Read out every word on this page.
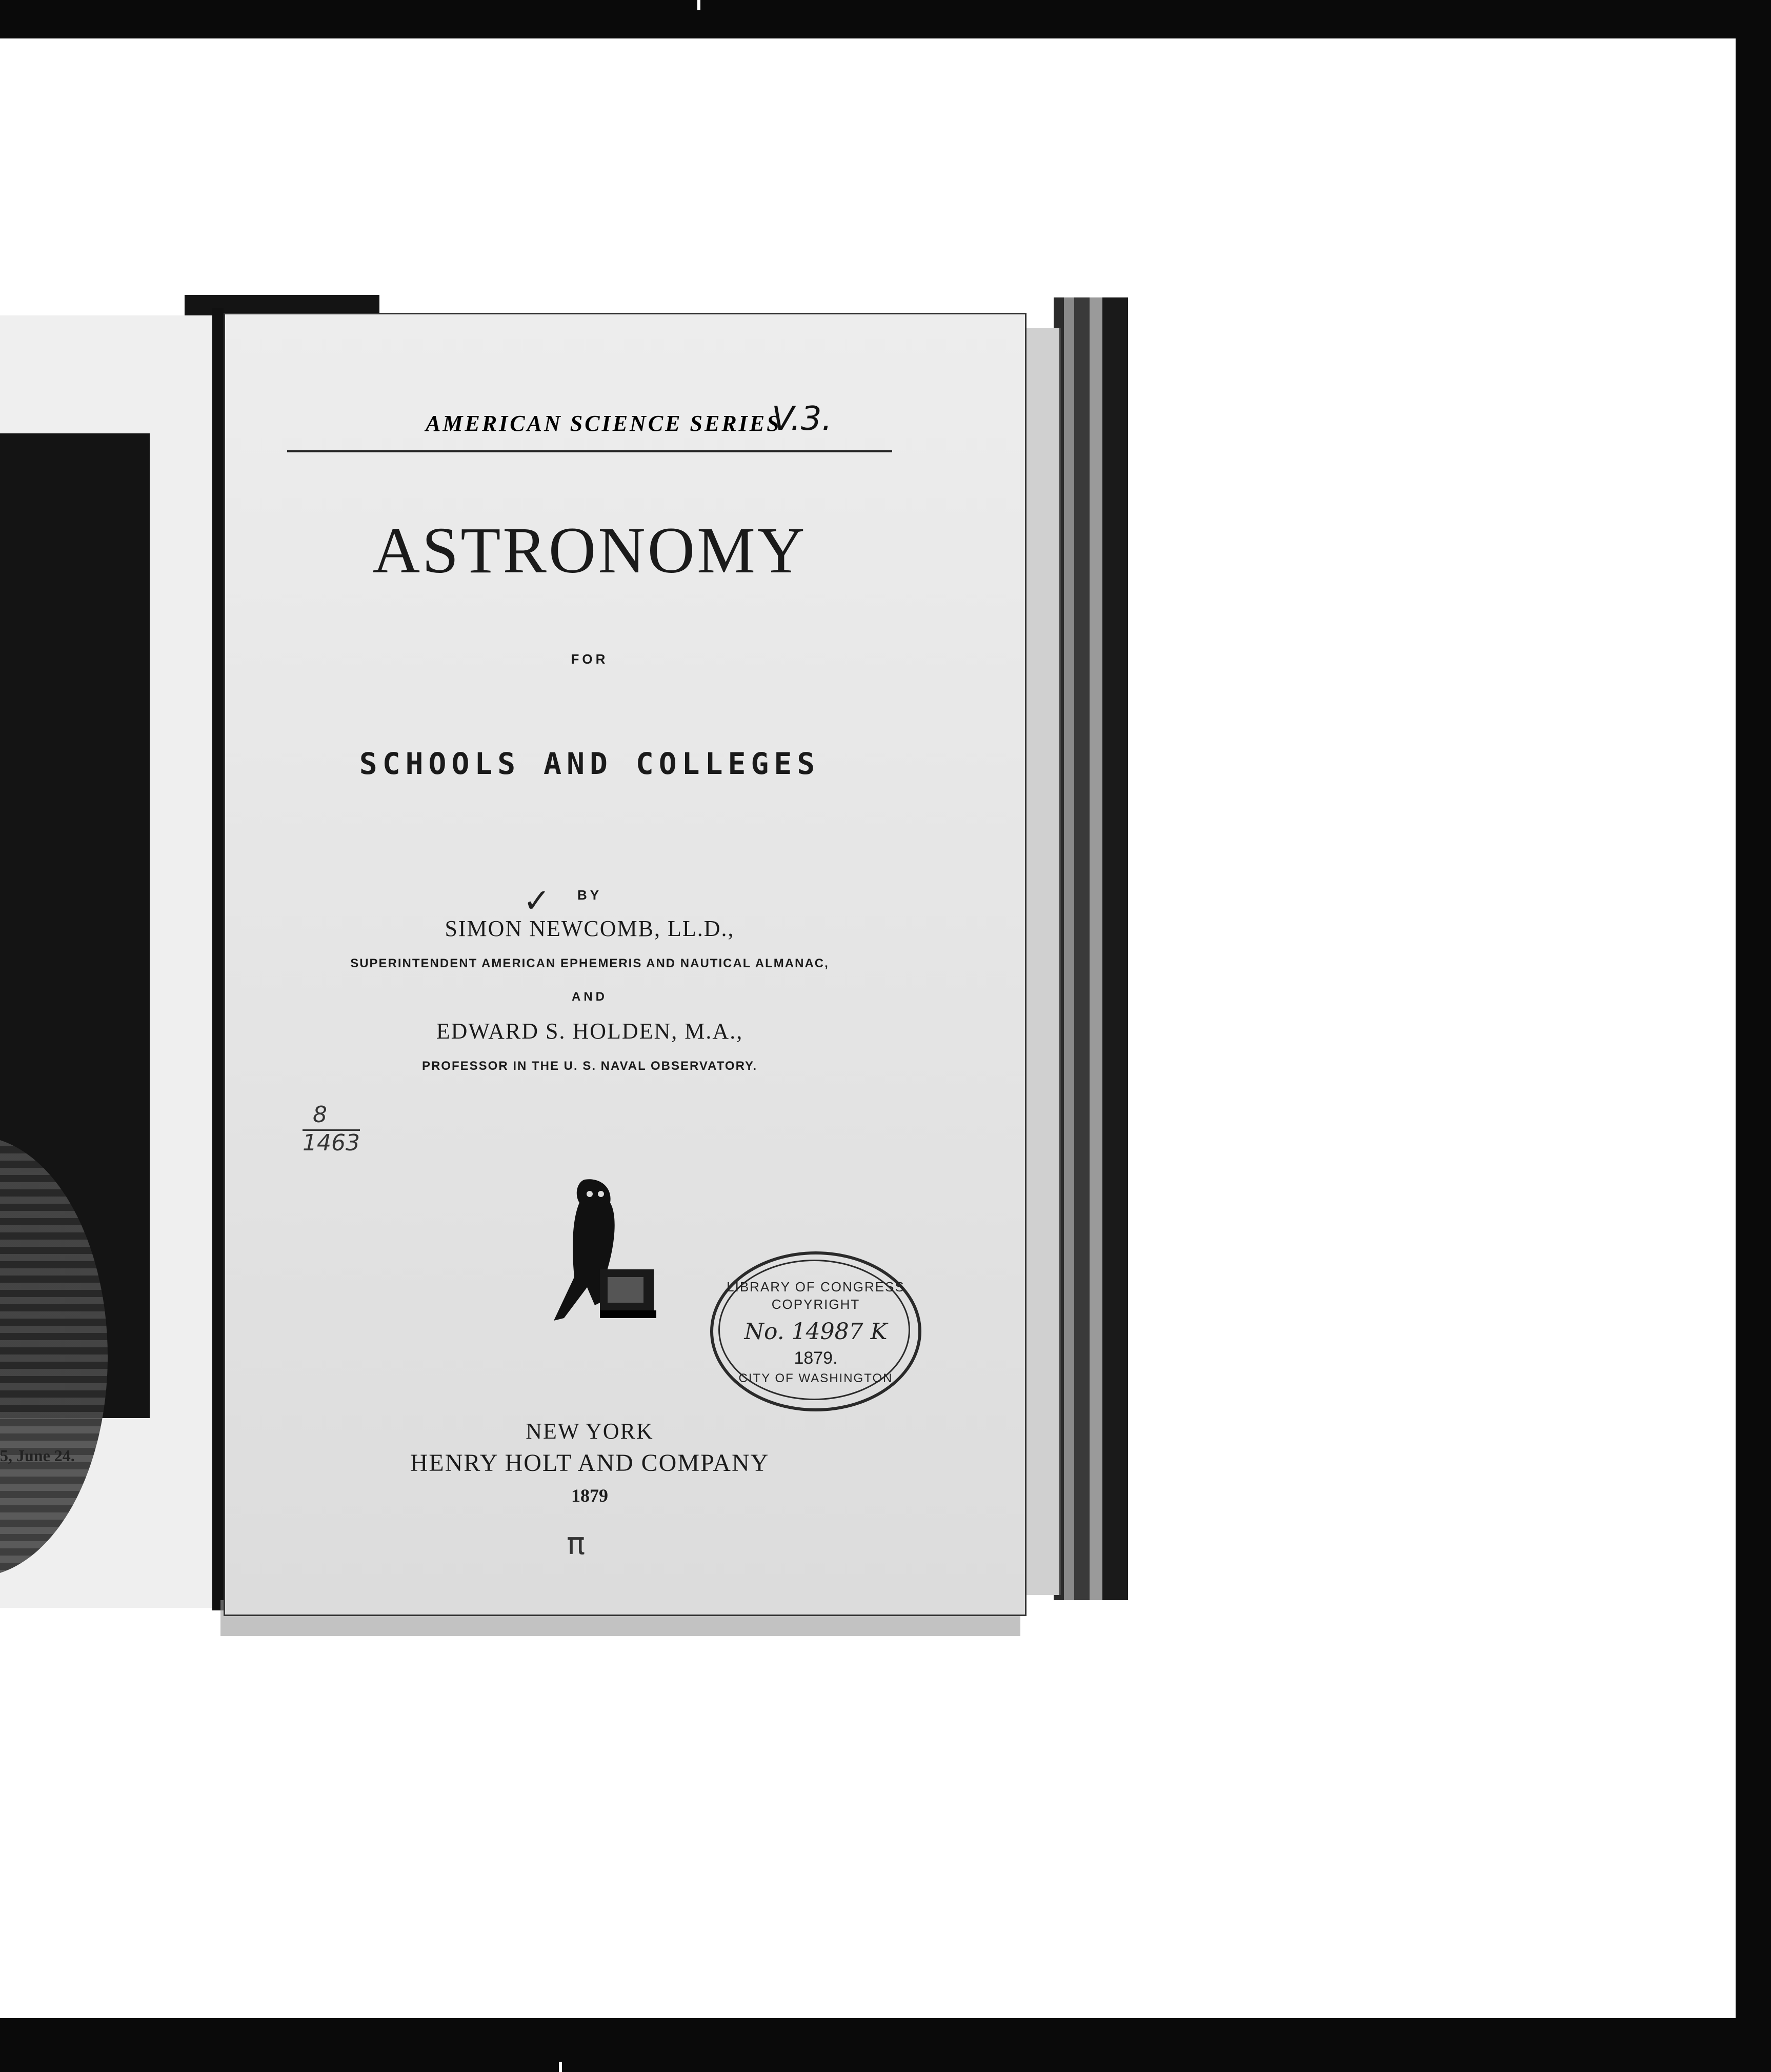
5, June 24.
AMERICAN SCIENCE SERIES
V.3.
ASTRONOMY
FOR
SCHOOLS AND COLLEGES
✓	BY
SIMON NEWCOMB, LL.D.,
SUPERINTENDENT AMERICAN EPHEMERIS AND NAUTICAL ALMANAC,
AND
EDWARD S. HOLDEN, M.A.,
PROFESSOR IN THE U. S. NAVAL OBSERVATORY.
8
1463
LIBRARY OF CONGRESS
COPYRIGHT
No. 14987 K
1879.
CITY OF WASHINGTON
NEW YORK
HENRY HOLT AND COMPANY
1879
π
